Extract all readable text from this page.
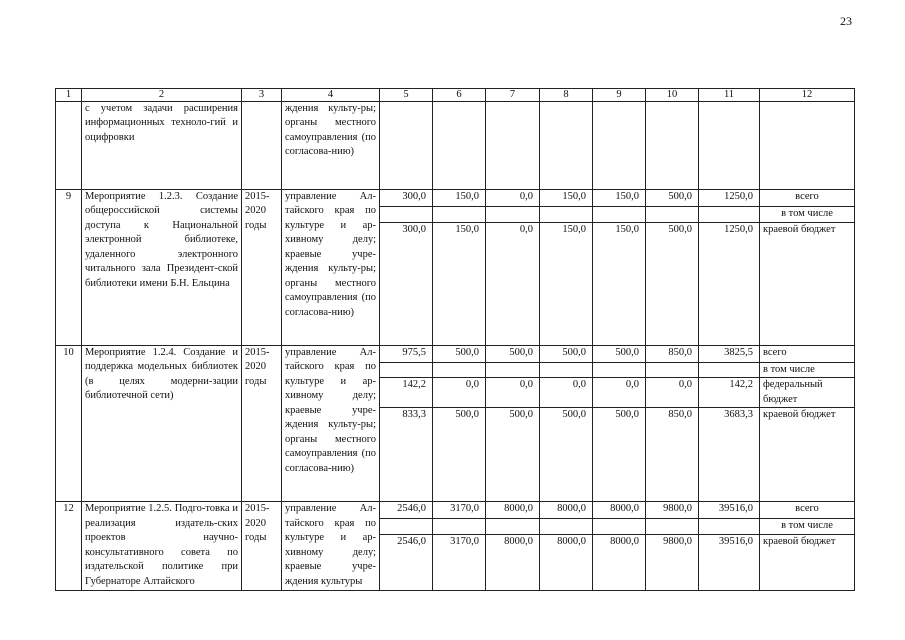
23
1	2	3	4	5	6	7	8	9	10	11	12
	с учетом задачи расширения информационных техноло-гий и оцифровки		ждения культу-ры; органы местного самоуправления (по согласова-нию)								
9	Мероприятие 1.2.3. Создание общероссийской системы доступа к Национальной электронной библиотеке, удаленного электронного читального зала Президент-ской библиотеки имени Б.Н. Ельцина	2015-2020 годы	управление Ал-тайского края по культуре и ар-хивному делу; краевые учре-ждения культу-ры; органы местного самоуправления (по согласова-нию)	300,0	150,0	0,0	150,0	150,0	500,0	1250,0	всего
											в том числе
				300,0	150,0	0,0	150,0	150,0	500,0	1250,0	краевой бюджет
10	Мероприятие 1.2.4. Создание и поддержка модельных библиотек (в целях модерни-зации библиотечной сети)	2015-2020 годы	управление Ал-тайского края по культуре и ар-хивному делу; краевые учре-ждения культу-ры; органы местного самоуправления (по согласова-нию)	975,5	500,0	500,0	500,0	500,0	850,0	3825,5	всего
											в том числе
				142,2	0,0	0,0	0,0	0,0	0,0	142,2	федеральный бюджет
				833,3	500,0	500,0	500,0	500,0	850,0	3683,3	краевой бюджет
12	Мероприятие 1.2.5. Подго-товка и реализация издатель-ских проектов научно-консультативного совета по издательской политике при Губернаторе Алтайского	2015-2020 годы	управление Ал-тайского края по культуре и ар-хивному делу; краевые учре-ждения культуры	2546,0	3170,0	8000,0	8000,0	8000,0	9800,0	39516,0	всего
											в том числе
				2546,0	3170,0	8000,0	8000,0	8000,0	9800,0	39516,0	краевой бюджет
